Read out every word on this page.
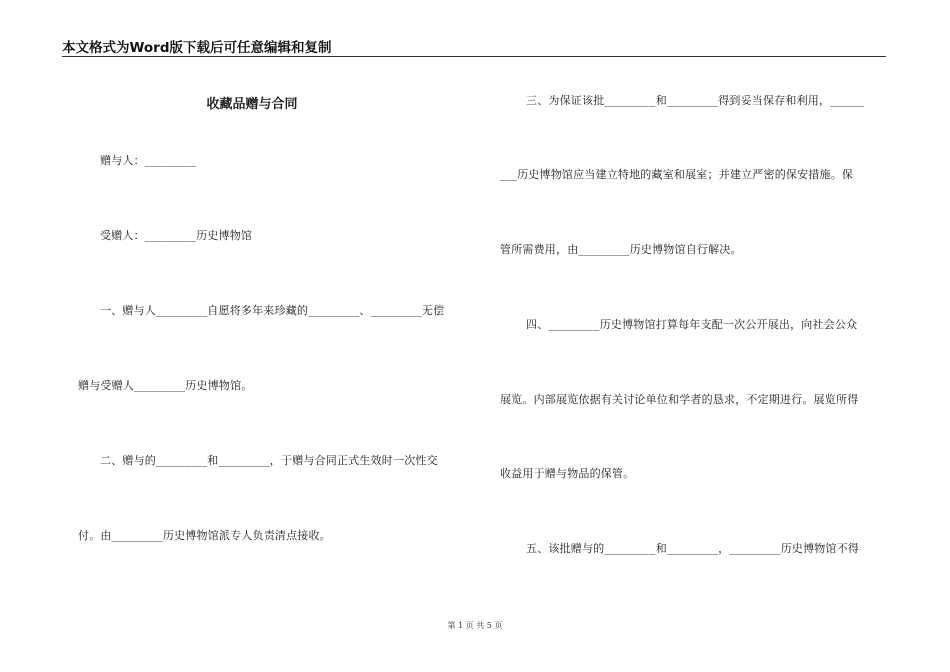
本文格式为Word版下载后可任意编辑和复制
收藏品赠与合同
赠与人：_________
受赠人：_________历史博物馆
一、赠与人_________自愿将多年来珍藏的_________、_________无偿
赠与受赠人_________历史博物馆。
二、赠与的_________和_________，于赠与合同正式生效时一次性交
付。由_________历史博物馆派专人负责清点接收。
三、为保证该批_________和_________得到妥当保存和利用，______
___历史博物馆应当建立特地的藏室和展室；并建立严密的保安措施。保
管所需费用，由_________历史博物馆自行解决。
四、_________历史博物馆打算每年支配一次公开展出，向社会公众
展览。内部展览依据有关讨论单位和学者的恳求，不定期进行。展览所得
收益用于赠与物品的保管。
五、该批赠与的_________和_________，_________历史博物馆不得
第 1 页 共 5 页
